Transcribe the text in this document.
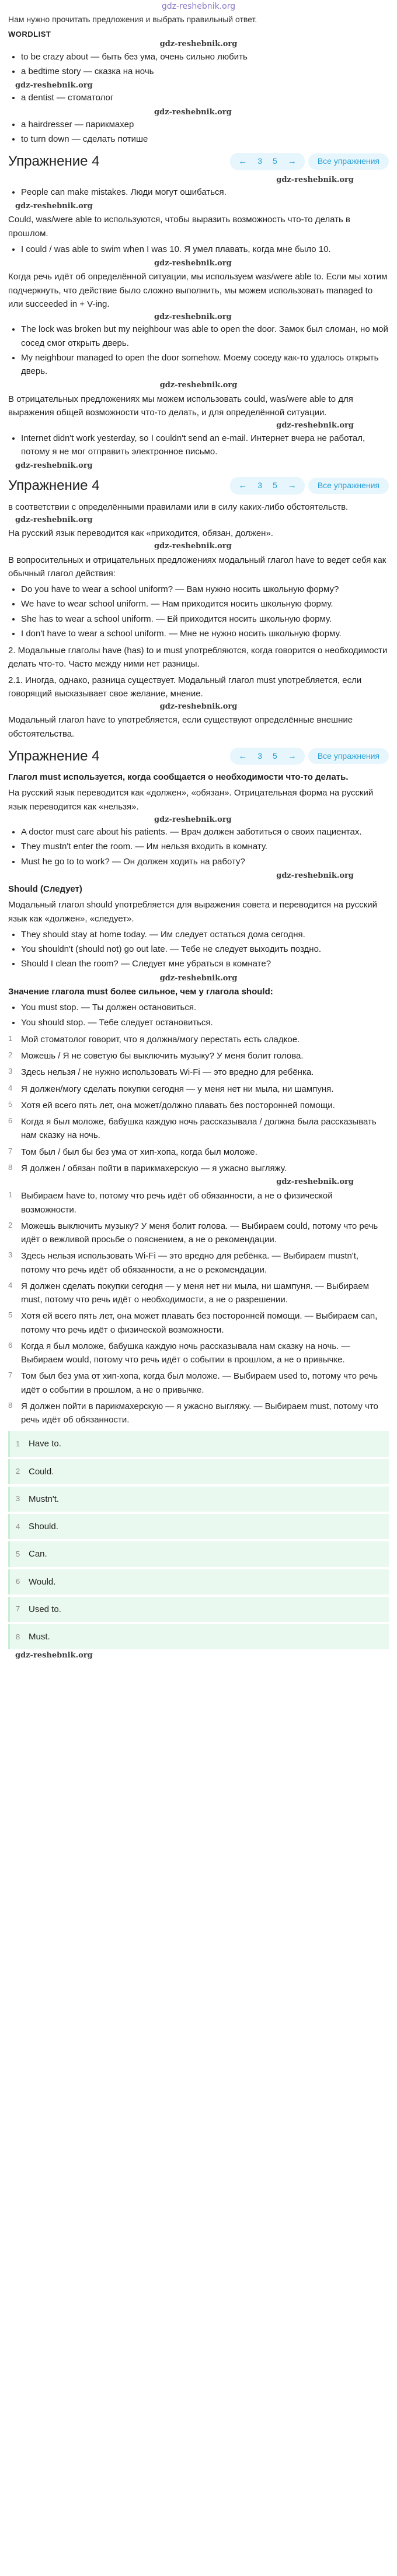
gdz-reshebnik.org

Нам нужно прочитать предложения и выбрать правильный ответ.

WORDLIST

gdz-reshebnik.org
• to be crazy about — быть без ума, очень сильно любить
• a bedtime story — сказка на ночь
gdz-reshebnik.org
• a dentist — стоматолог
gdz-reshebnik.org
• a hairdresser — парикмахер
• to turn down — сделать потише
Упражнение 4	← 3 5 →	Все упражнения
gdz-reshebnik.org
• People can make mistakes. Люди могут ошибаться.
gdz-reshebnik.org

Could, was/were able to используются, чтобы выразить возможность что-то делать в прошлом.

• I could / was able to swim when I was 10. Я умел плавать, когда мне было 10.
gdz-reshebnik.org

Когда речь идёт об определённой ситуации, мы используем was/were able to. Если мы хотим подчеркнуть, что действие было сложно выполнить, мы можем использовать managed to или succeeded in + V-ing.

gdz-reshebnik.org
• The lock was broken but my neighbour was able to open the door. Замок был сломан, но мой сосед смог открыть дверь.
• My neighbour managed to open the door somehow. Моему соседу как-то удалось открыть дверь.
gdz-reshebnik.org

В отрицательных предложениях мы можем использовать could, was/were able to для выражения общей возможности что-то делать, и для определённой ситуации.

gdz-reshebnik.org
• Internet didn't work yesterday, so I couldn't send an e-mail. Интернет вчера не работал, потому я не мог отправить электронное письмо.
gdz-reshebnik.org
Упражнение 4	← 3 5 →	Все упражнения

в соответствии с определёнными правилами или в силу каких-либо обстоятельств.

gdz-reshebnik.org

На русский язык переводится как «приходится, обязан, должен».

gdz-reshebnik.org

В вопросительных и отрицательных предложениях модальный глагол have to ведет себя как обычный глагол действия:

• Do you have to wear a school uniform? — Вам нужно носить школьную форму?
• We have to wear school uniform. — Нам приходится носить школьную форму.
• She has to wear a school uniform. — Ей приходится носить школьную форму.
• I don't have to wear a school uniform. — Мне не нужно носить школьную форму.

2. Модальные глаголы have (has) to и must употребляются, когда говорится о необходимости делать что-то. Часто между ними нет разницы.

2.1. Иногда, однако, разница существует. Модальный глагол must употребляется, если говорящий высказывает свое желание, мнение.

gdz-reshebnik.org

Модальный глагол have to употребляется, если существуют определённые внешние обстоятельства.

Упражнение 4	← 3 5 →	Все упражнения

Глагол must используется, когда сообщается о необходимости что-то делать.

На русский язык переводится как «должен», «обязан». Отрицательная форма на русский язык переводится как «нельзя».

gdz-reshebnik.org
• A doctor must care about his patients. — Врач должен заботиться о своих пациентах.
• They mustn't enter the room. — Им нельзя входить в комнату.
• Must he go to to work? — Он должен ходить на работу?
gdz-reshebnik.org

Should (Следует)

Модальный глагол should употребляется для выражения совета и переводится на русский язык как «должен», «следует».

• They should stay at home today. — Им следует остаться дома сегодня.
• You shouldn't (should not) go out late. — Тебе не следует выходить поздно.
• Should I clean the room? — Следует мне убраться в комнате?
gdz-reshebnik.org

Значение глагола must более сильное, чем у глагола should:

• You must stop. — Ты должен остановиться.
• You should stop. — Тебе следует остановиться.
1 Мой стоматолог говорит, что я должна/могу перестать есть сладкое.
2 Можешь / Я не советую бы выключить музыку? У меня болит голова.
3 Здесь нельзя / не нужно использовать Wi-Fi — это вредно для ребёнка.
4 Я должен/могу сделать покупки сегодня — у меня нет ни мыла, ни шампуня.
5 Хотя ей всего пять лет, она может/должно плавать без посторонней помощи.
6 Когда я был моложе, бабушка каждую ночь рассказывала / должна была рассказывать нам сказку на ночь.
7 Том был / был бы без ума от хип-хопа, когда был моложе.
8 Я должен / обязан пойти в парикмахерскую — я ужасно выгляжу.
gdz-reshebnik.org
1 Выбираем have to, потому что речь идёт об обязанности, а не о физической возможности.
2 Можешь выключить музыку? У меня болит голова. — Выбираем could, потому что речь идёт о вежливой просьбе о пояснением, а не о рекомендации.
3 Здесь нельзя использовать Wi-Fi — это вредно для ребёнка. — Выбираем mustn't, потому что речь идёт об обязанности, а не о рекомендации.
4 Я должен сделать покупки сегодня — у меня нет ни мыла, ни шампуня. — Выбираем must, потому что речь идёт о необходимости, а не о разрешении.
5 Хотя ей всего пять лет, она может плавать без посторонней помощи. — Выбираем can, потому что речь идёт о физической возможности.
6 Когда я был моложе, бабушка каждую ночь рассказывала нам сказку на ночь. — Выбираем would, потому что речь идёт о событии в прошлом, а не о привычке.
7 Том был без ума от хип-хопа, когда был моложе. — Выбираем used to, потому что речь идёт о событии в прошлом, а не о привычке.
8 Я должен пойти в парикмахерскую — я ужасно выгляжу. — Выбираем must, потому что речь идёт об обязанности.
1 Have to.
2 Could.
3 Mustn't.
4 Should.
5 Can.
6 Would.
7 Used to.
8 Must.
gdz-reshebnik.org
